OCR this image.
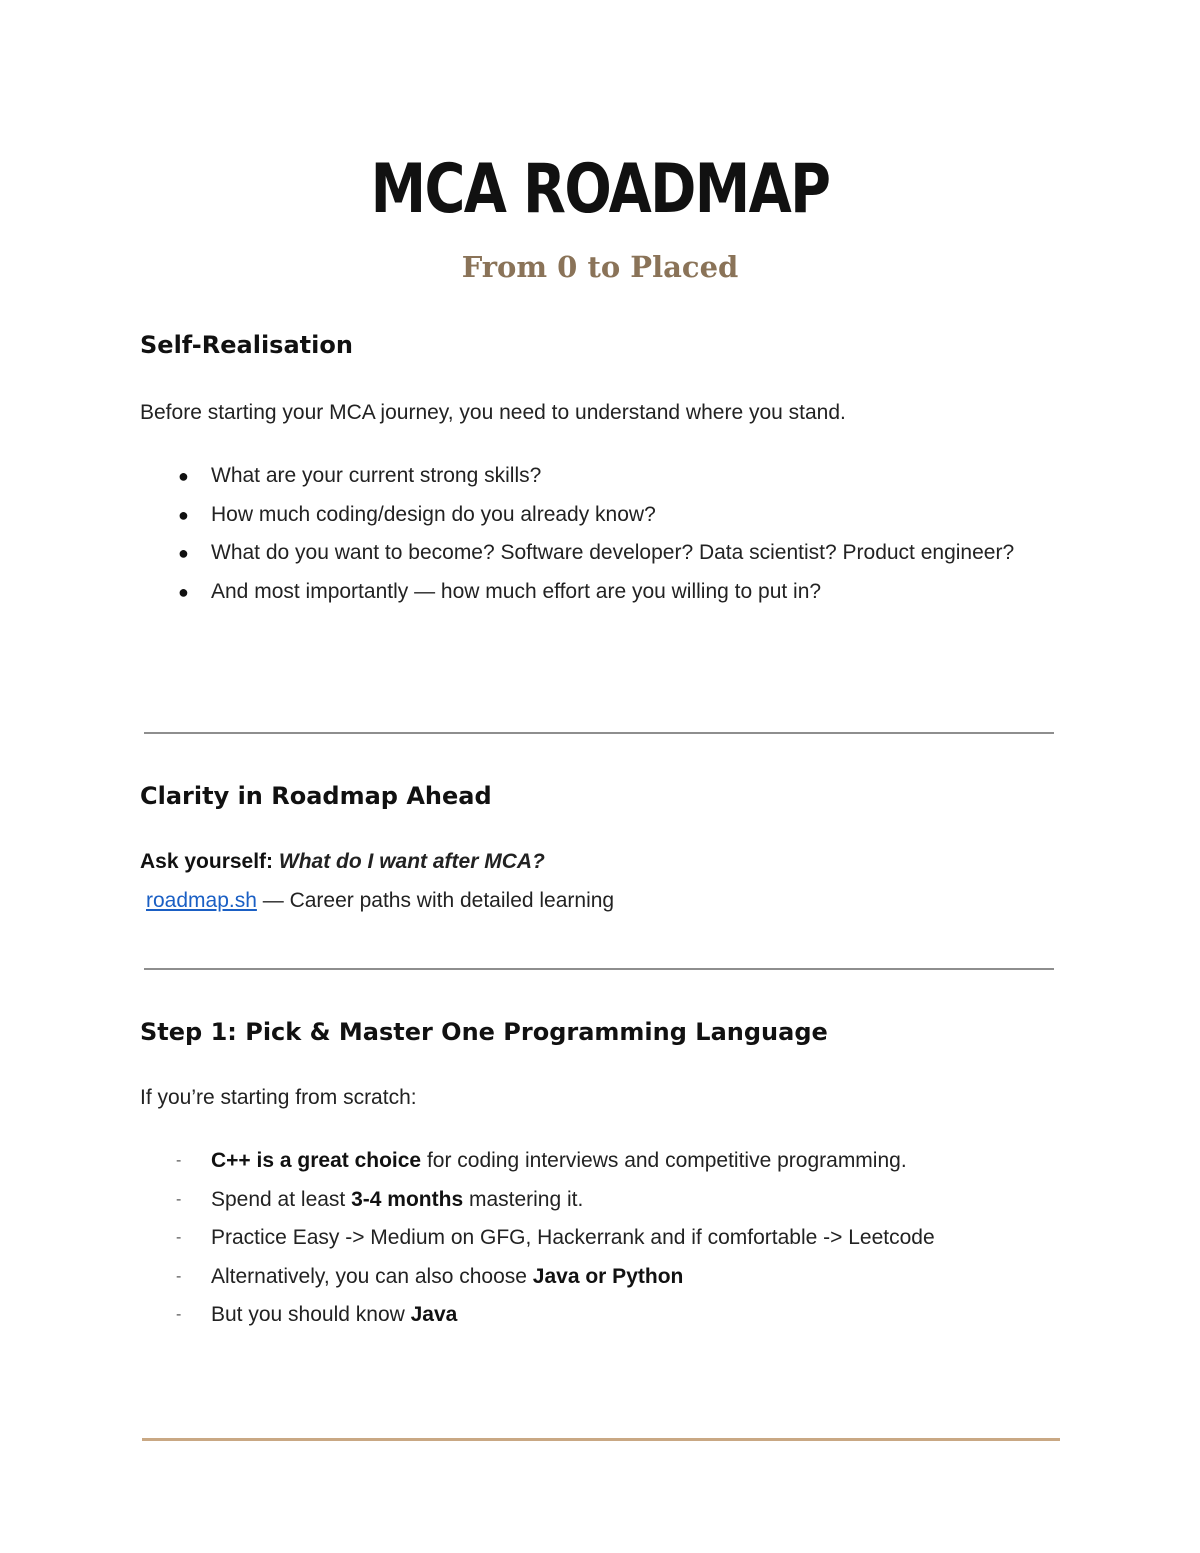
MCA ROADMAP
From 0 to Placed
Self-Realisation

Before starting your MCA journey, you need to understand where you stand.

● What are your current strong skills?
● How much coding/design do you already know?
● What do you want to become? Software developer? Data scientist? Product engineer?
● And most importantly — how much effort are you willing to put in?
Clarity in Roadmap Ahead

Ask yourself: What do I want after MCA?

roadmap.sh — Career paths with detailed learning

Step 1: Pick & Master One Programming Language

If you’re starting from scratch:

- C++ is a great choice for coding interviews and competitive programming.
- Spend at least 3-4 months mastering it.
- Practice Easy -> Medium on GFG, Hackerrank and if comfortable -> Leetcode
- Alternatively, you can also choose Java or Python
- But you should know Java
